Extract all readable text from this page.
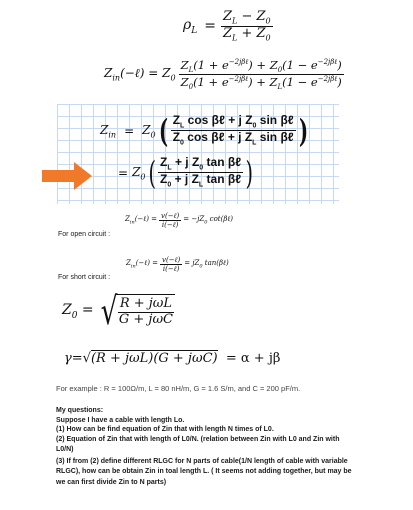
$\rho_L = \frac{Z_L - Z_0}{Z_L + Z_0}$
$Z_{in}(-\ell) = Z_0 \frac{Z_L(1 + e^{-2j\beta\ell}) + Z_0(1 - e^{-2j\beta\ell})}{Z_0(1 + e^{-2j\beta\ell}) + Z_L(1 - e^{-2j\beta\ell})}$
$Z_{in} = Z_0$ ( $\frac{Z_L \cos \beta\ell + j Z_0 \sin \beta\ell}{Z_0 \cos \beta\ell + j Z_L \sin \beta\ell}$ )
= $Z_0$ ( $\frac{Z_L + j Z_0 \tan \beta\ell}{Z_0 + j Z_L \tan \beta\ell}$ )
$Z_{in}(-\ell) = \frac{\text{v(−ℓ)}}{\text{i(−ℓ)}} = -jZ_0$ cot(βℓ)
For open circuit :
$Z_{in}(-\ell) = \frac{\text{v(−ℓ)}}{\text{i(−ℓ)}} = jZ_0$ tan(βℓ)
For short circuit :
$Z_0$ = √ $\frac{\text{R + jωL}}{\text{G + jωC}}$
γ=√(R + jωL)(G + jωC)  = α + jβ
For example : R = 100Ω/m, L = 80 nH/m, G = 1.6 S/m, and C = 200 pF/m.
My questions:
Suppose I have a cable with length Lo.
(1) How can be find equation of Zin that with length N times of L0.
(2) Equation of Zin that with length of L0/N. (relation between Zin with L0 and Zin with L0/N)
(3) If from (2) define different RLGC for N parts of cable(1/N length of cable with variable RLGC), how can be obtain Zin in toal length L. ( It seems not adding together, but may be we can first divide Zin to N parts)
